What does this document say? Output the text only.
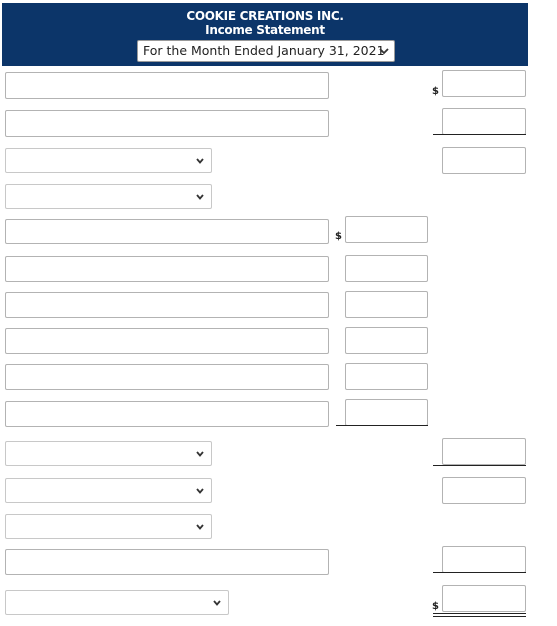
COOKIE CREATIONS INC.
Income Statement
For the Month Ended January 31, 2021
$
$
$
